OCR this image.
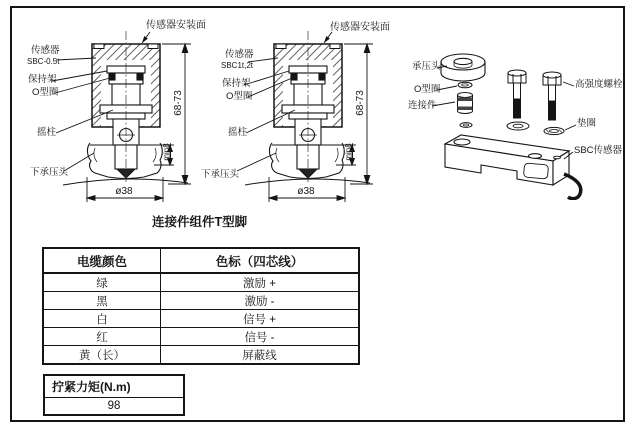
传感器安装面
传感器
SBC-0.5t
保持架
O型圈
摇柱
下承压头
68-73
min8
ø38
传感器安装面
传感器
SBC1t,2t
保持架
O型圈
摇柱
下承压头
68-73
min8
ø38
承压头
O型圈
连接件
高强度螺栓
垫圈
SBC传感器
连接件组件T型脚
电缆颜色	色标（四芯线）
绿	激励 +
黑	激励 -
白	信号 +
红	信号 -
黄（长）	屏蔽线
拧紧力矩(N.m)
98
